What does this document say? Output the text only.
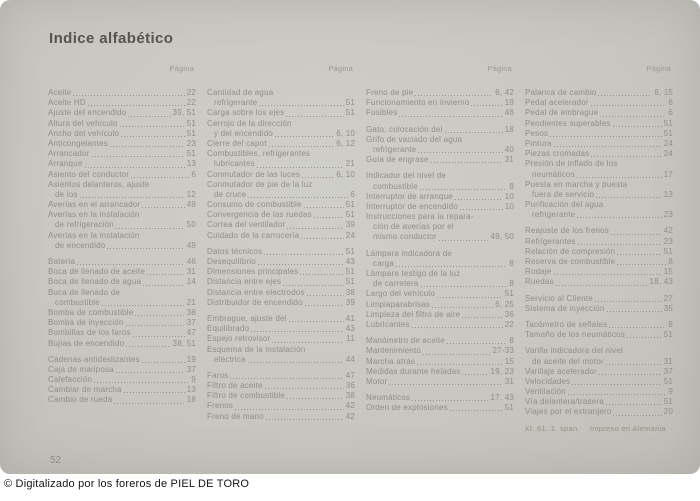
Indice alfabético
Página
Aceite	22
Aceite HD	22
Ajuste del encendido	39, 51
Altura del vehículo	51
Ancho del vehículo	51
Anticongelantes	23
Arrancador	51
Arranque	13
Asiento del conductor	6
Asientos delanteros, ajuste
de los	12
Averías en el arrancador	49
Averías en la instalación
de refrigeración	50
Averías en la instalación
de encendido	49
Batería	46
Boca de llenado de aceite	31
Boca de llenado de agua	14
Boca de llenado de
combustible	21
Bomba de combustible	38
Bomba de inyección	37
Bombillas de los faros	47
Bujías de encendido	38, 51
Cadenas antideslizantes	19
Caja de mariposa	37
Calefacción	9
Cambiar de marcha	13
Cambio de rueda	18
Página
Cantidad de agua
refrigerante	51
Carga sobre los ejes	51
Cerrojo de la dirección
y del encendido	6, 10
Cierre del capot	6, 12
Combustibles, refrigerantes
lubricantes	21
Conmutador de las luces	6, 10
Conmutador de pie de la luz
de cruce	6
Consumo de combustible	51
Convergencia de las ruedas	51
Correa del ventilador	39
Cuidado de la carrocería	24
Datos técnicos	51
Desequilibrio	43
Dimensiones principales	51
Distancia entre ejes	51
Distancia entre electrodos	38
Distribuidor de encendido	39
Embrague, ajuste del	41
Equilibrado	43
Espejo retrovisor	11
Esquema de la instalación
eléctrica	44
Faros	47
Filtro de aceite	36
Filtro de combustible	38
Frenos	42
Freno de mano	42
Página
Freno de pie	6, 42
Funcionamiento en invierno	19
Fusibles	46
Gato, colocación del	18
Grifo de vaciado del agua
refrigerante	40
Guía de engrase	31
Indicador del nivel de
combustible	8
Interruptor de arranque	10
Interruptor de encendido	10
Instrucciones para la repara-
ción de averías por el
mismo conductor	49, 50
Lámpara indicadora de
carga	8
Lámpara testigo de la luz
de carretera	8
Largo del vehículo	51
Limpiaparabrisas	6, 25
Limpieza del filtro de aire	36
Lubricantes	22
Manómetro de aceite	8
Mantenimiento	27-33
Marcha atrás	15
Medidas durante heladas	19, 23
Motor	31
Neumáticos	17, 43
Orden de explosiones	51
Página
Palanca de cambio	6, 15
Pedal acelerador	6
Pedal de embrague	6
Pendientes superables	51
Pesos	51
Pintura	24
Piezas cromadas	24
Presión de inflado de los
neumáticos	17
Puesta en marcha y puesta
fuera de servicio	13
Purificación del agua
refrigerante	23
Reajuste de los frenos	42
Refrigerantes	23
Relación de compresión	51
Reserva de combustible	8
Rodaje	15
Ruedas	18, 43
Servicio al Cliente	27
Sistema de inyección	35
Tacómetro de señales	8
Tamaño de los neumáticos	51
Varilla indicadora del nivel
de aceite del motor	31
Varillaje acelerador	37
Velocidades	51
Ventilación	9
Vía delantera/trasera	51
Viajes por el extranjero	20
XI. 61. 1. span. Impreso en Alemania
52
© Digitalizado por los foreros de PIEL DE TORO
